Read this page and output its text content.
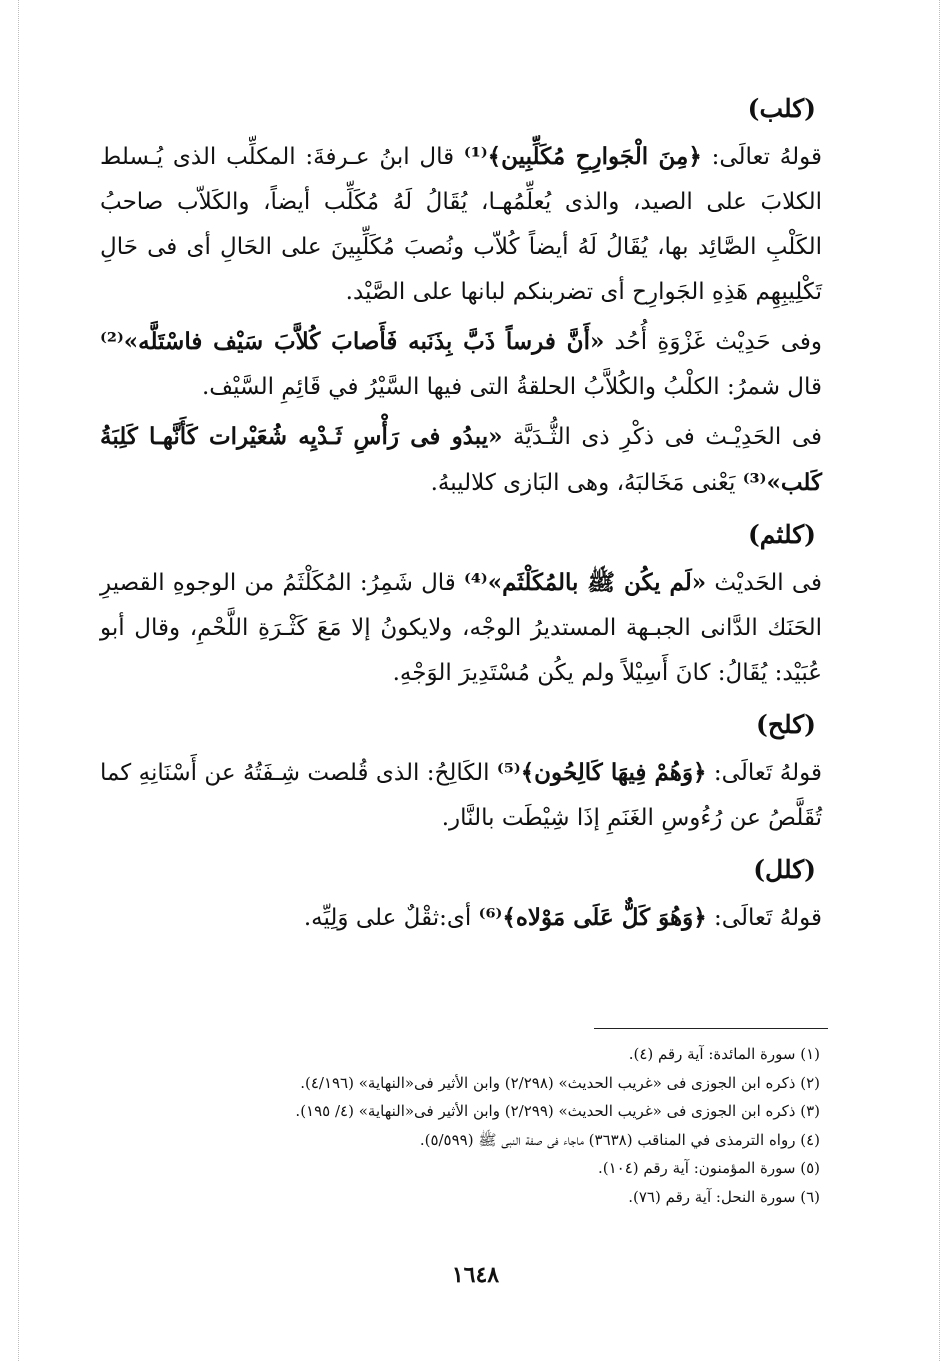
(كلب)

قولهُ تعالَى: ﴿مِنَ الْجَوارِحِ مُكَلِّبِين﴾⁽¹⁾ قال ابنُ عـرفةَ: المكلِّب الذى يُـسلط الكلابَ على الصيد، والذى يُعلِّمُهـا، يُقَالُ لَهُ مُكَلِّب أيضاً، والكَلاّب صاحبُ الكَلْبِ الصَّائِد بها، يُقَالُ لَهُ أيضاً كُلاّب ونُصبَ مُكَلِّبِينَ على الحَالِ أى فى حَالِ تَكْلِيبِهِم هَذِهِ الجَوارِح أى تضربنكم لبانها على الصَّيْد.

وفى حَدِيْث غَزْوَةِ أُحُد «أَنَّ فرساً ذَبَّ بِذَنَبه فَأَصابَ كُلاَّبَ سَيْف فاسْتَلَّه»⁽²⁾ قال شمرُ: الكلْبُ والكُلاَّبُ الحلقةُ التى فيها السَّيْرُ في قَائِمِ السَّيْف.

فى الحَدِيْـث فى ذكْرِ ذى الثُّـدَيَّة «يبدُو فى رَأْسِ ثَـدْيِه شُعَيْرات كَأَنَّهـا كَلِبَةُ كَلب»⁽³⁾ يَعْنى مَخَالبَهُ، وهى البَازى كلاليبهُ.

(كلثم)

فى الحَديْث «لَم يكُن ﷺ بالمُكَلْثَم»⁽⁴⁾ قال شَمِرُ: المُكَلْثَمُ من الوجوهِ القصيرِ الحَنَك الدَّانى الجبـهة المستديرُ الوجْه، ولايكونُ إلا مَعَ كَثْـرَةِ اللَّحْمِ، وقال أبو عُبَيْد: يُقَالُ: كانَ أَسِيْلاً ولم يكُن مُسْتَدِيرَ الوَجْهِ.

(كلح)

قولهُ تَعالَى: ﴿وَهُمْ فِيهَا كَالِحُون﴾⁽⁵⁾ الكَالِحُ: الذى قُلصت شِـفَتُهُ عن أَسْنَانِهِ كما تُقَلَّصُ عن رُءُوسِ الغَنَمِ إذَا شِيْطَت بالنَّار.

(كلل)

قولهُ تَعالَى: ﴿وَهُوَ كَلٌّ عَلَى مَوْلاه﴾⁽⁶⁾ أى:ثقْلٌ على وَلِيِّه.

(١) سورة المائدة: آية رقم (٤).

(٢) ذكره ابن الجوزى فى «غريب الحديث» (٢/٢٩٨) وابن الأثير فى«النهاية» (٤/١٩٦).

(٣) ذكره ابن الجوزى فى «غريب الحديث» (٢/٢٩٩) وابن الأثير فى«النهاية» (٤/ ١٩٥).

(٤) رواه الترمذى في المناقب (٣٦٣٨) ماجاء فى صفة النبى ﷺ (٥/٥٩٩).

(٥) سورة المؤمنون: آية رقم (١٠٤).

(٦) سورة النحل: آية رقم (٧٦).

١٦٤٨
